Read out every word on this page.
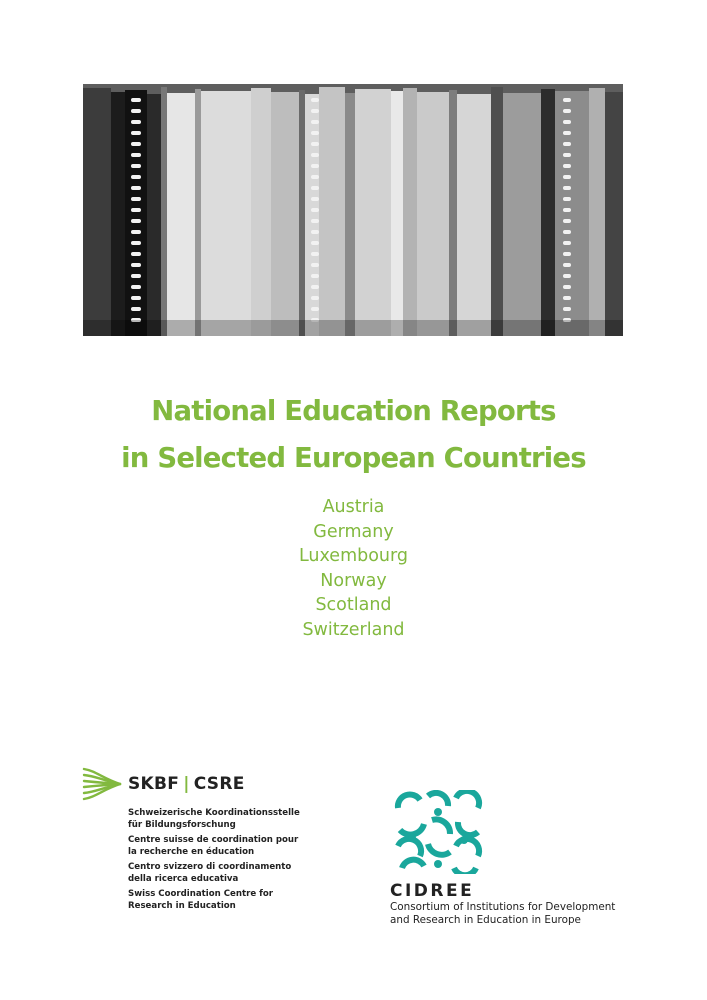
National Education Reports
in Selected European Countries
Austria
Germany
Luxembourg
Norway
Scotland
Switzerland
SKBF | CSRE
Schweizerische Koordinationsstelle
für Bildungsforschung
Centre suisse de coordination pour
la recherche en éducation
Centro svizzero di coordinamento
della ricerca educativa
Swiss Coordination Centre for
Research in Education
CIDREE
Consortium of Institutions for Development
and Research in Education in Europe
